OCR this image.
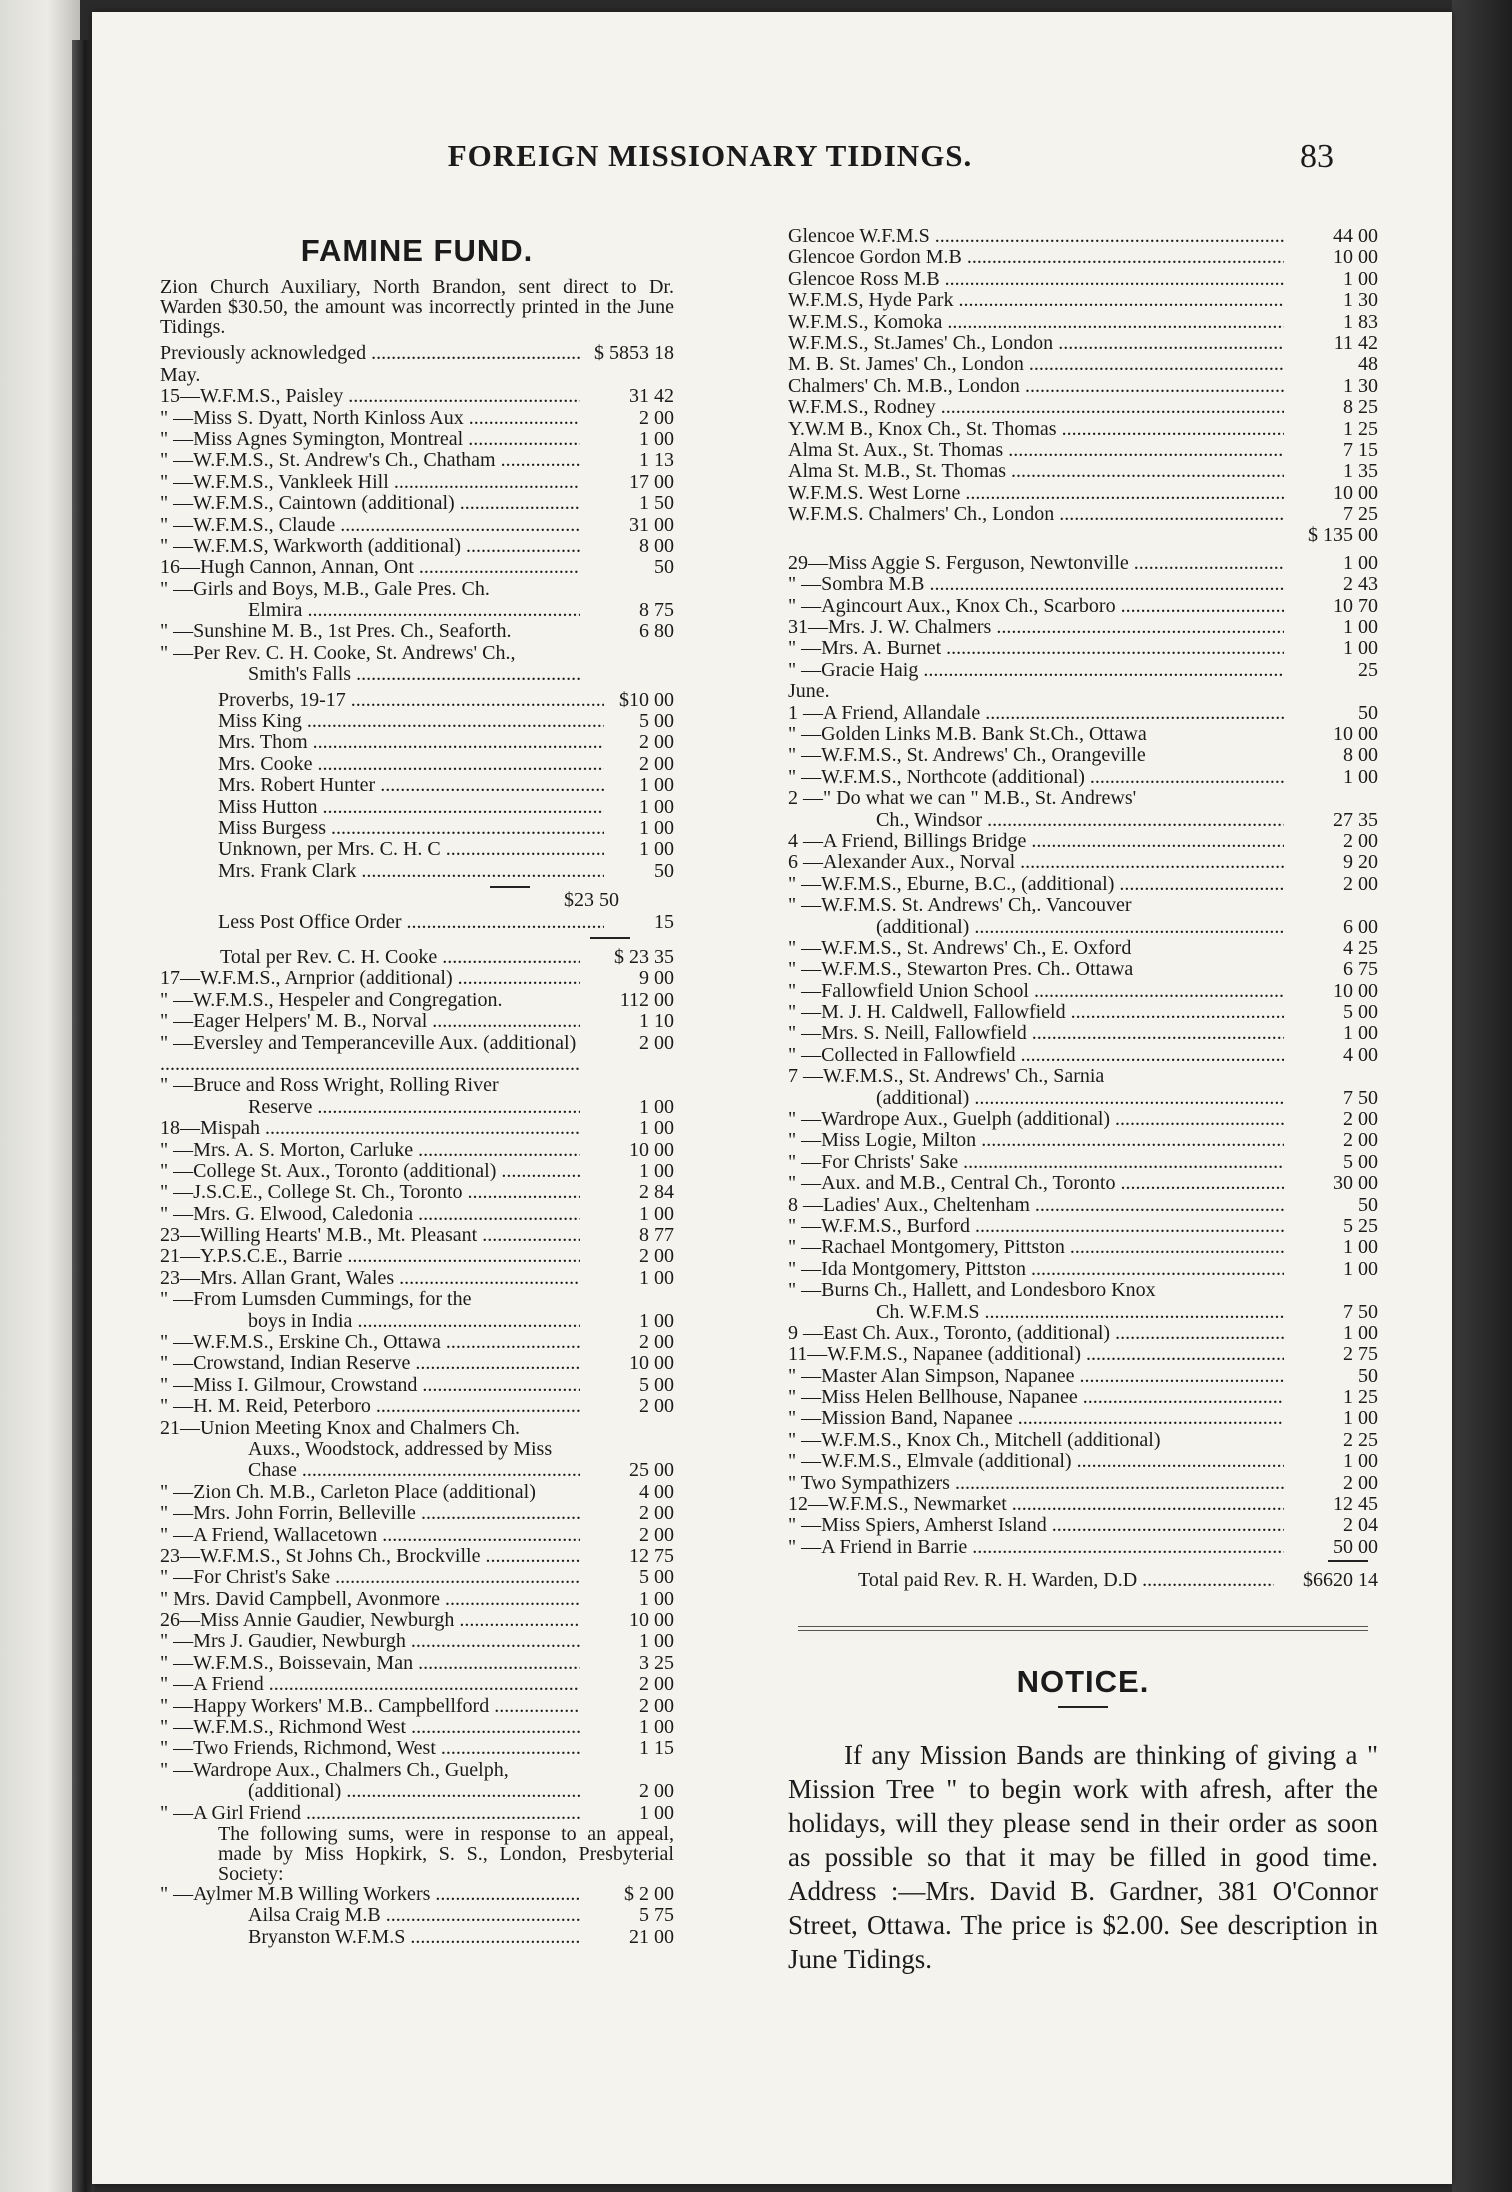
FOREIGN MISSIONARY TIDINGS.	83
FAMINE FUND.
Zion Church Auxiliary, North Brandon, sent direct to Dr. Warden $30.50, the amount was incorrectly printed in the June Tidings.
Previously acknowledged .....	$ 5853 18
May.
15—W.F.M.S., Paisley .....	31 42
" —Miss S. Dyatt, North Kinloss Aux .....	2 00
" —Miss Agnes Symington, Montreal .....	1 00
" —W.F.M.S., St. Andrew's Ch., Chatham .....	1 13
" —W.F.M.S., Vankleek Hill .....	17 00
" —W.F.M.S., Caintown (additional) .....	1 50
" —W.F.M.S., Claude .....	31 00
" —W.F.M.S, Warkworth (additional) .....	8 00
16—Hugh Cannon, Annan, Ont .....	50
" —Girls and Boys, M.B., Gale Pres. Ch.
Elmira .....	8 75
" —Sunshine M. B., 1st Pres. Ch., Seaforth.	6 80
" —Per Rev. C. H. Cooke, St. Andrews' Ch.,
Smith's Falls .....
Proverbs, 19-17 .....	$10 00
Miss King .....	5 00
Mrs. Thom .....	2 00
Mrs. Cooke .....	2 00
Mrs. Robert Hunter .....	1 00
Miss Hutton .....	1 00
Miss Burgess .....	1 00
Unknown, per Mrs. C. H. C .....	1 00
Mrs. Frank Clark .....	50
$23 50
Less Post Office Order .....	15
Total per Rev. C. H. Cooke .....	$ 23 35
17—W.F.M.S., Arnprior (additional) .....	9 00
" —W.F.M.S., Hespeler and Congregation.	112 00
" —Eager Helpers' M. B., Norval .....	1 10
" —Eversley and Temperanceville Aux. (additional) .....	2 00
" —Bruce and Ross Wright, Rolling River
Reserve .....	1 00
18—Mispah .....	1 00
" —Mrs. A. S. Morton, Carluke .....	10 00
" —College St. Aux., Toronto (additional) .....	1 00
" —J.S.C.E., College St. Ch., Toronto .....	2 84
" —Mrs. G. Elwood, Caledonia .....	1 00
23—Willing Hearts' M.B., Mt. Pleasant .....	8 77
21—Y.P.S.C.E., Barrie .....	2 00
23—Mrs. Allan Grant, Wales .....	1 00
" —From Lumsden Cummings, for the
boys in India .....	1 00
" —W.F.M.S., Erskine Ch., Ottawa .....	2 00
" —Crowstand, Indian Reserve .....	10 00
" —Miss I. Gilmour, Crowstand .....	5 00
" —H. M. Reid, Peterboro .....	2 00
21—Union Meeting Knox and Chalmers Ch.
Auxs., Woodstock, addressed by Miss
Chase .....	25 00
" —Zion Ch. M.B., Carleton Place (additional)	4 00
" —Mrs. John Forrin, Belleville .....	2 00
" —A Friend, Wallacetown .....	2 00
23—W.F.M.S., St Johns Ch., Brockville .....	12 75
" —For Christ's Sake .....	5 00
" Mrs. David Campbell, Avonmore .....	1 00
26—Miss Annie Gaudier, Newburgh .....	10 00
" —Mrs J. Gaudier, Newburgh .....	1 00
" —W.F.M.S., Boissevain, Man .....	3 25
" —A Friend .....	2 00
" —Happy Workers' M.B.. Campbellford .....	2 00
" —W.F.M.S., Richmond West .....	1 00
" —Two Friends, Richmond, West .....	1 15
" —Wardrope Aux., Chalmers Ch., Guelph,
(additional) .....	2 00
" —A Girl Friend .....	1 00
The following sums, were in response to an appeal, made by Miss Hopkirk, S. S., London, Presbyterial Society:
" —Aylmer M.B Willing Workers .....	$ 2 00
Ailsa Craig M.B .....	5 75
Bryanston W.F.M.S .....	21 00
Glencoe W.F.M.S .....	44 00
Glencoe Gordon M.B .....	10 00
Glencoe Ross M.B .....	1 00
W.F.M.S, Hyde Park .....	1 30
W.F.M.S., Komoka .....	1 83
W.F.M.S., St.James' Ch., London .....	11 42
M. B. St. James' Ch., London .....	48
Chalmers' Ch. M.B., London .....	1 30
W.F.M.S., Rodney .....	8 25
Y.W.M B., Knox Ch., St. Thomas .....	1 25
Alma St. Aux., St. Thomas .....	7 15
Alma St. M.B., St. Thomas .....	1 35
W.F.M.S. West Lorne .....	10 00
W.F.M.S. Chalmers' Ch., London .....	7 25
$ 135 00
29—Miss Aggie S. Ferguson, Newtonville .....	1 00
" —Sombra M.B .....	2 43
" —Agincourt Aux., Knox Ch., Scarboro .....	10 70
31—Mrs. J. W. Chalmers .....	1 00
" —Mrs. A. Burnet .....	1 00
" —Gracie Haig .....	25
June.
1 —A Friend, Allandale .....	50
" —Golden Links M.B. Bank St.Ch., Ottawa	10 00
" —W.F.M.S., St. Andrews' Ch., Orangeville	8 00
" —W.F.M.S., Northcote (additional) .....	1 00
2 —" Do what we can " M.B., St. Andrews'
Ch., Windsor .....	27 35
4 —A Friend, Billings Bridge .....	2 00
6 —Alexander Aux., Norval .....	9 20
" —W.F.M.S., Eburne, B.C., (additional) .....	2 00
" —W.F.M.S. St. Andrews' Ch,. Vancouver
(additional) .....	6 00
" —W.F.M.S., St. Andrews' Ch., E. Oxford	4 25
" —W.F.M.S., Stewarton Pres. Ch.. Ottawa	6 75
" —Fallowfield Union School .....	10 00
" —M. J. H. Caldwell, Fallowfield .....	5 00
" —Mrs. S. Neill, Fallowfield .....	1 00
" —Collected in Fallowfield .....	4 00
7 —W.F.M.S., St. Andrews' Ch., Sarnia
(additional) .....	7 50
" —Wardrope Aux., Guelph (additional) .....	2 00
" —Miss Logie, Milton .....	2 00
" —For Christs' Sake .....	5 00
" —Aux. and M.B., Central Ch., Toronto .....	30 00
8 —Ladies' Aux., Cheltenham .....	50
" —W.F.M.S., Burford .....	5 25
" —Rachael Montgomery, Pittston .....	1 00
" —Ida Montgomery, Pittston .....	1 00
" —Burns Ch., Hallett, and Londesboro Knox
Ch. W.F.M.S .....	7 50
9 —East Ch. Aux., Toronto, (additional) .....	1 00
11—W.F.M.S., Napanee (additional) .....	2 75
" —Master Alan Simpson, Napanee .....	50
" —Miss Helen Bellhouse, Napanee .....	1 25
" —Mission Band, Napanee .....	1 00
" —W.F.M.S., Knox Ch., Mitchell (additional)	2 25
" —W.F.M.S., Elmvale (additional) .....	1 00
" Two Sympathizers .....	2 00
12—W.F.M.S., Newmarket .....	12 45
" —Miss Spiers, Amherst Island .....	2 04
" —A Friend in Barrie .....	50 00
Total paid Rev. R. H. Warden, D.D .....	$6620 14
NOTICE.
If any Mission Bands are thinking of giving a " Mission Tree " to begin work with afresh, after the holidays, will they please send in their order as soon as possible so that it may be filled in good time. Address :—Mrs. David B. Gardner, 381 O'Connor Street, Ottawa. The price is $2.00. See description in June Tidings.
